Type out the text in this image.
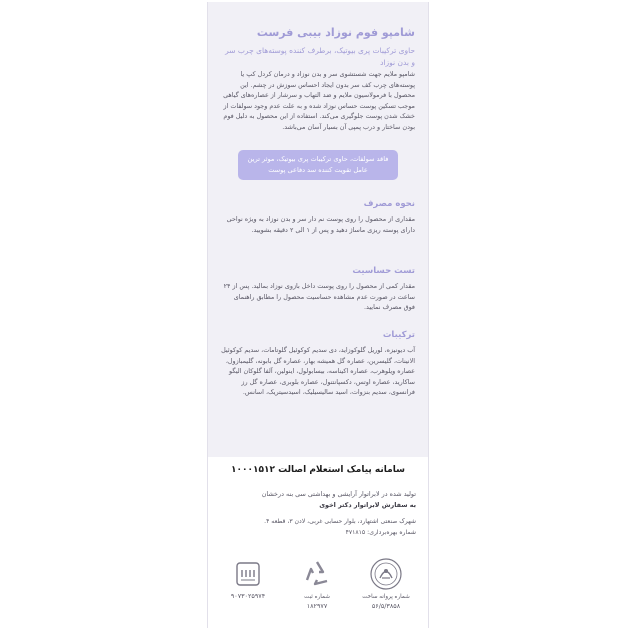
شامپو فوم نوزاد بیبی فرست
حاوی ترکیبات پری بیوتیک، برطرف کننده پوسته‌های چرب سر و بدن نوزاد
شامپو ملایم جهت شستشوی سر و بدن نوزاد و درمان کردل کپ یا پوسته‌های چرب کف سر بدون ایجاد احساس سوزش در چشم. این محصول با فرمولاسیون ملایم و ضد التهاب و سرشار از عصاره‌های گیاهی موجب تسکین پوست حساس نوزاد شده و به علت عدم وجود سولفات از خشک شدن پوست جلوگیری می‌کند. استفاده از این محصول به دلیل فوم بودن ساختار و درب پمپی آن بسیار آسان می‌باشد.
فاقد سولفات، حاوی ترکیبات پری بیوتیک، موثر ترین عامل تقویت کننده سد دفاعی پوست
نحوه مصرف
مقداری از محصول را روی پوست نم دار سر و بدن نوزاد به ویژه نواحی دارای پوسته ریزی ماساژ دهید و پس از ۱ الی ۲ دقیقه بشویید.
تست حساسیت
مقدار کمی از محصول را روی پوست داخل بازوی نوزاد بمالید. پس از ۲۴ ساعت در صورت عدم مشاهده حساسیت محصول را مطابق راهنمای فوق مصرف نمایید.
ترکیبات
آب دیونیزه، لوریل گلوکوزاید، دی سدیم کوکوئیل گلوتامات، سدیم کوکوئیل الانینات، گلیسرین، عصاره گل همیشه بهار، عصاره گل بابونه، گلیمبازول، عصاره ویلوهرب، عصاره اکیناسه، بیسابولول، اینولین، آلفا گلوکان الیگو ساکارید، عصاره اوتس، دکسپانتنول، عصاره بلوبری، عصاره گل رز فرانسوی، سدیم بنزوات، اسید سالیسیلیک، اسیدسیتریک، اسانس.
سامانه پیامک استعلام اصالت ۱۰۰۰۱۵۱۲
تولید شده در لابراتوار آرایشی و بهداشتی سی بنه درخشان
به سفارش لابراتوار دکتر اخوی
شهرک صنعتی اشتهارد، بلوار حسابی غربی، لادن ۳، قطعه ۴.
شماره بهره‌برداری: ۴۷۱۸۱۵
شماره پروانه ساخت
۵۶/۵/۳۸۵۸
شماره ثبت
۱۸۲۹۷۷
۹۰۷۳۰۲۵۹۷۴
